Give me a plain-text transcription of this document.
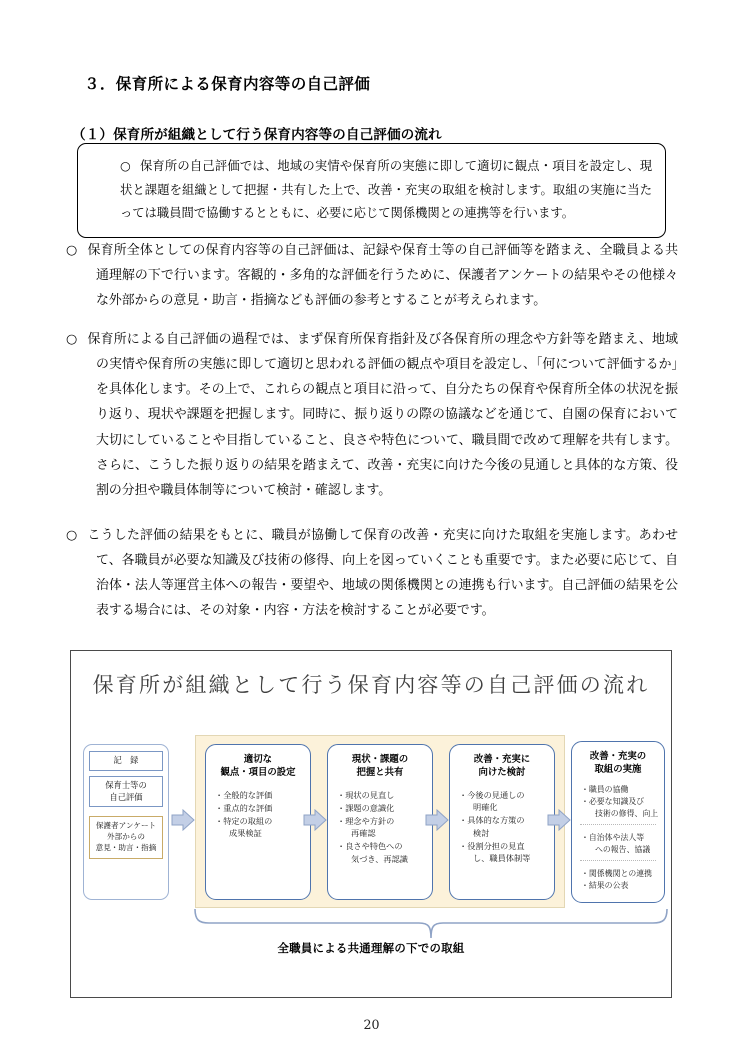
３．保育所による保育内容等の自己評価
（１）保育所が組織として行う保育内容等の自己評価の流れ

○ 保育所の自己評価では、地域の実情や保育所の実態に即して適切に観点・項目を設定し、現状と課題を組織として把握・共有した上で、改善・充実の取組を検討します。取組の実施に当たっては職員間で協働するとともに、必要に応じて関係機関との連携等を行います。

○ 保育所全体としての保育内容等の自己評価は、記録や保育士等の自己評価等を踏まえ、全職員よる共通理解の下で行います。客観的・多角的な評価を行うために、保護者アンケートの結果やその他様々な外部からの意見・助言・指摘なども評価の参考とすることが考えられます。
○ 保育所による自己評価の過程では、まず保育所保育指針及び各保育所の理念や方針等を踏まえ、地域の実情や保育所の実態に即して適切と思われる評価の観点や項目を設定し、「何について評価するか」を具体化します。その上で、これらの観点と項目に沿って、自分たちの保育や保育所全体の状況を振り返り、現状や課題を把握します。同時に、振り返りの際の協議などを通じて、自園の保育において大切にしていることや目指していること、良さや特色について、職員間で改めて理解を共有します。さらに、こうした振り返りの結果を踏まえて、改善・充実に向けた今後の見通しと具体的な方策、役割の分担や職員体制等について検討・確認します。
○ こうした評価の結果をもとに、職員が協働して保育の改善・充実に向けた取組を実施します。あわせて、各職員が必要な知識及び技術の修得、向上を図っていくことも重要です。また必要に応じて、自治体・法人等運営主体への報告・要望や、地域の関係機関との連携も行います。自己評価の結果を公表する場合には、その対象・内容・方法を検討することが必要です。
保育所が組織として行う保育内容等の自己評価の流れ
記　録
保育士等の
自己評価
保護者アンケート
外部からの
意見・助言・指摘
適切な
観点・項目の設定
・全般的な評価
・重点的な評価
・特定の取組の
成果検証
現状・課題の
把握と共有
・現状の見直し
・課題の意識化
・理念や方針の
再確認
・良さや特色への
気づき、再認識
改善・充実に
向けた検討
・今後の見通しの
明確化
・具体的な方策の
検討
・役割分担の見直
し、職員体制等
改善・充実の
取組の実施
・職員の協働
・必要な知識及び
技術の修得、向上
・自治体や法人等
への報告、協議
・関係機関との連携
・結果の公表
全職員による共通理解の下での取組
20
